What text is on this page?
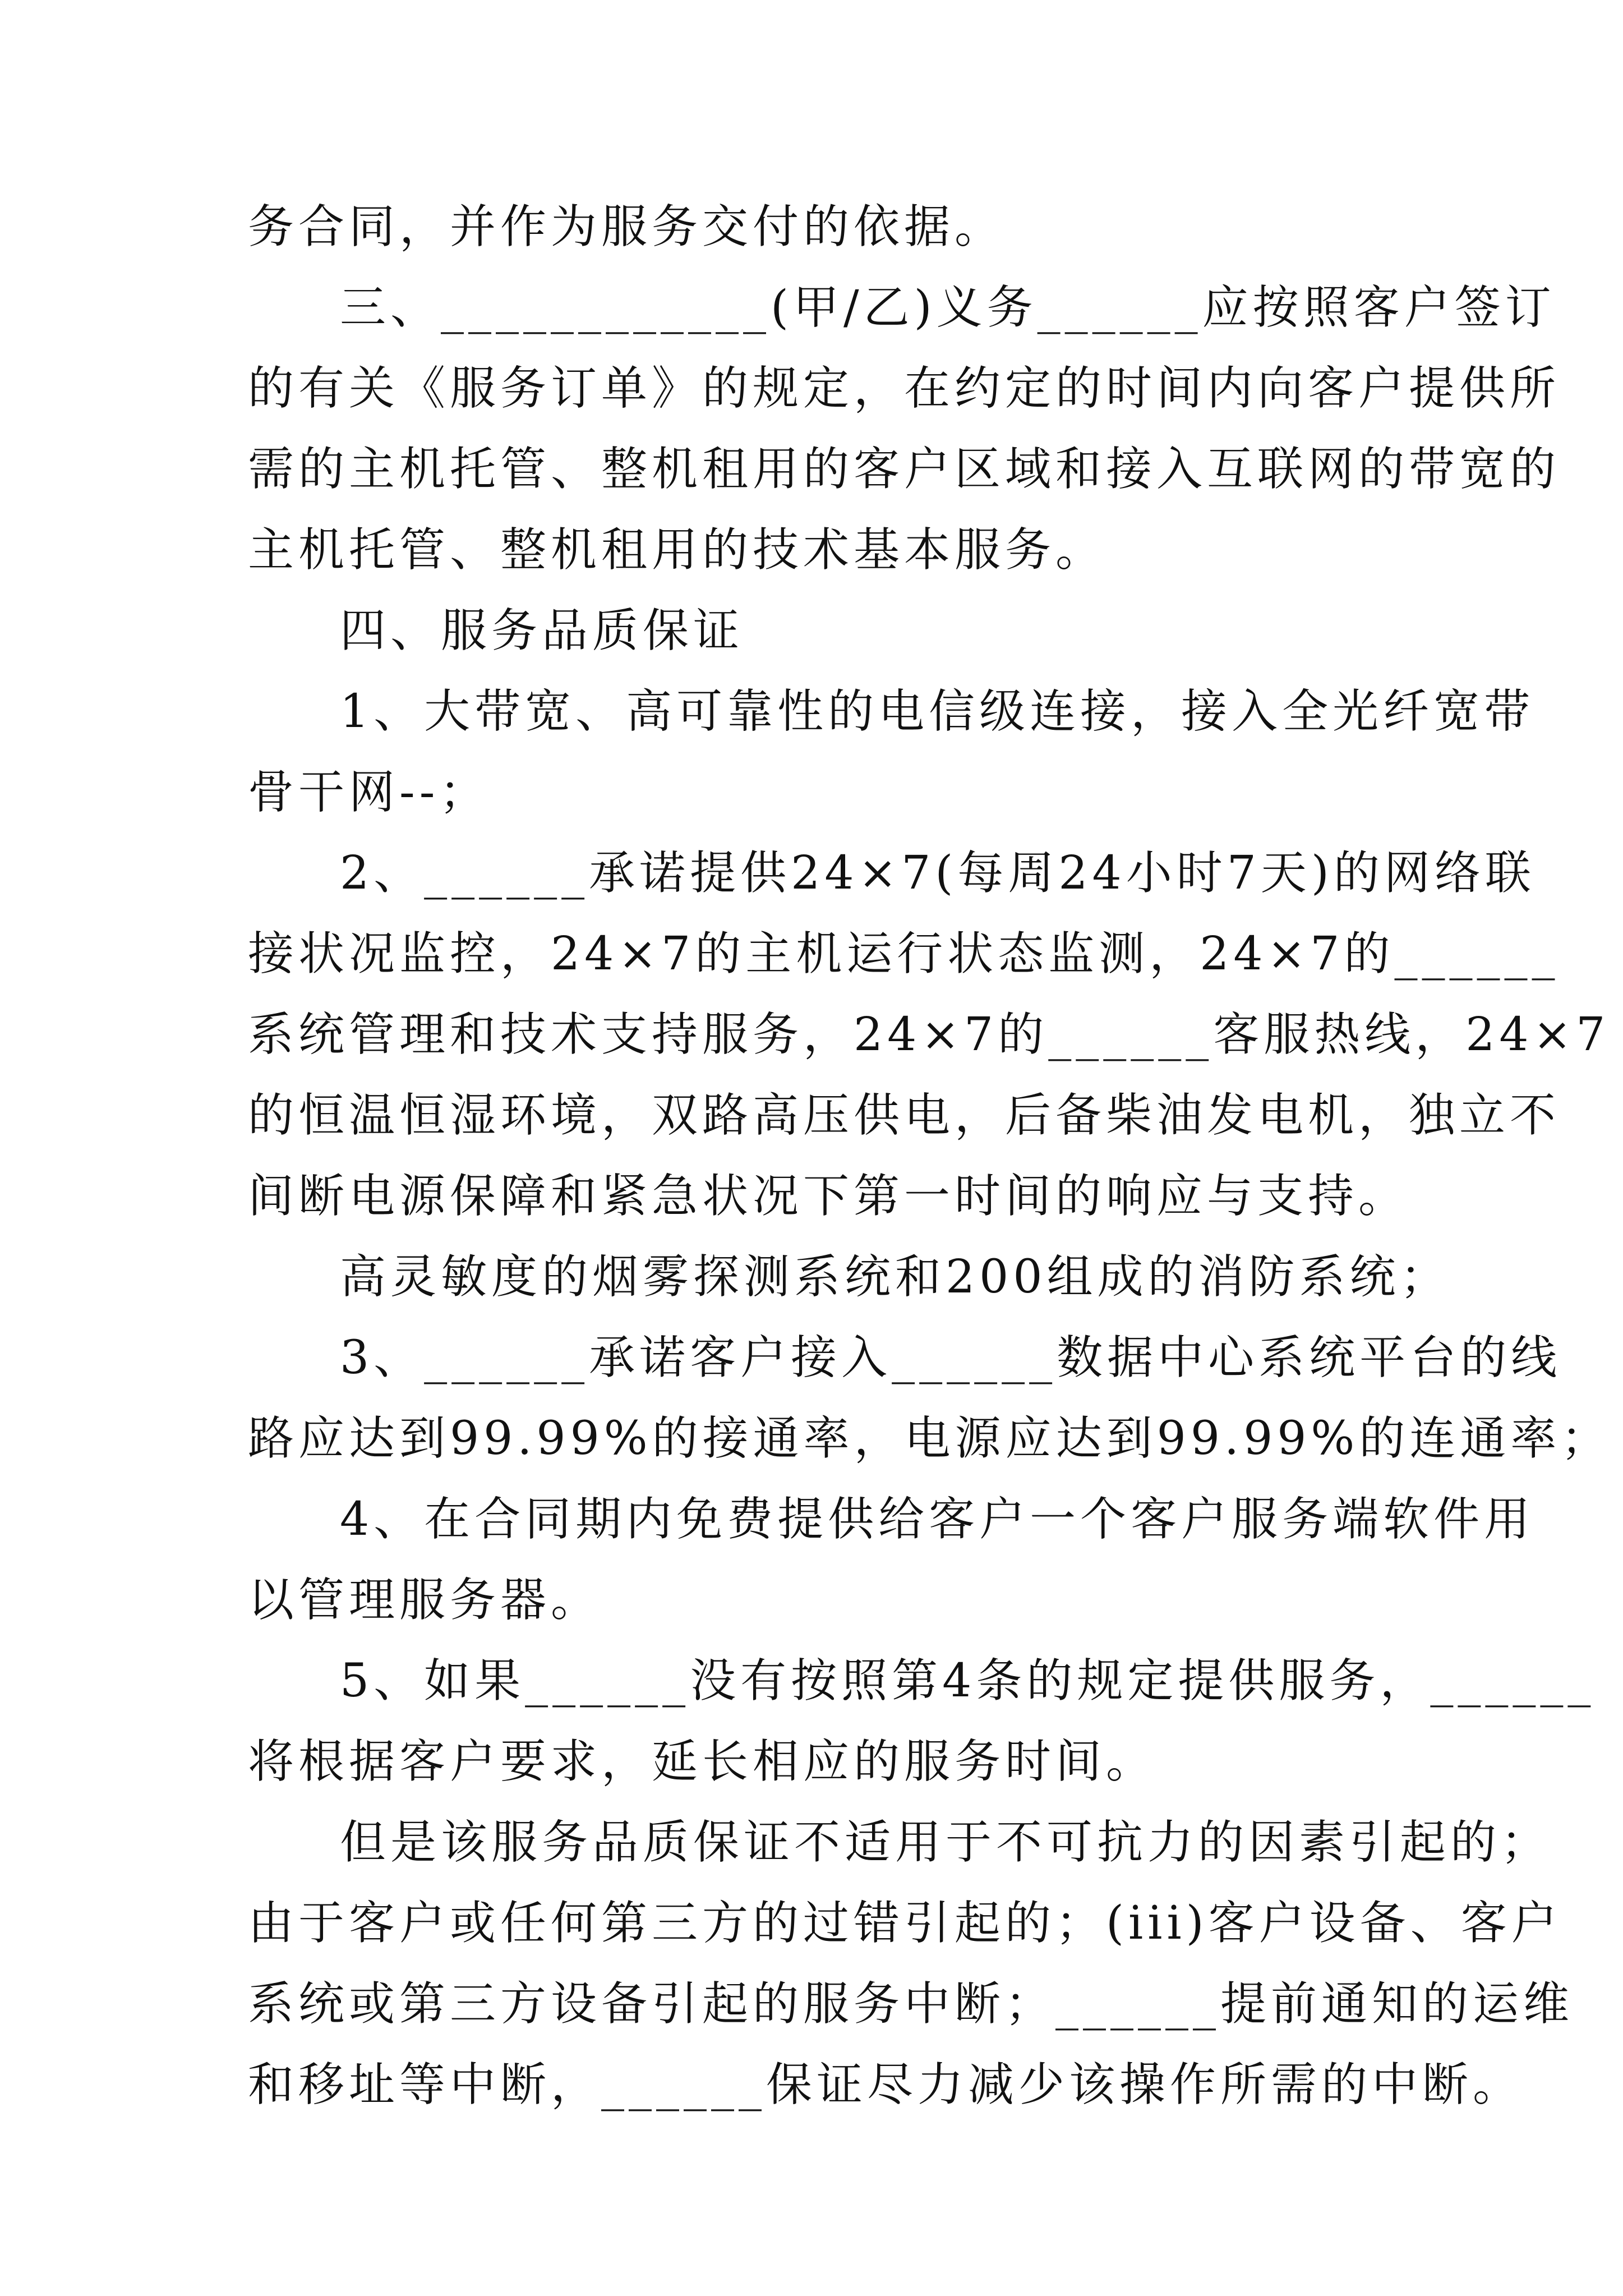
务合同，并作为服务交付的依据。
三、____________(甲/乙)义务______应按照客户签订
的有关《服务订单》的规定，在约定的时间内向客户提供所
需的主机托管、整机租用的客户区域和接入互联网的带宽的
主机托管、整机租用的技术基本服务。
四、服务品质保证
1、大带宽、高可靠性的电信级连接，接入全光纤宽带
骨干网--；
2、______承诺提供24×7(每周24小时7天)的网络联
接状况监控，24×7的主机运行状态监测，24×7的______
系统管理和技术支持服务，24×7的______客服热线，24×7
的恒温恒湿环境，双路高压供电，后备柴油发电机，独立不
间断电源保障和紧急状况下第一时间的响应与支持。
高灵敏度的烟雾探测系统和200组成的消防系统；
3、______承诺客户接入______数据中心系统平台的线
路应达到99.99%的接通率，电源应达到99.99%的连通率；
4、在合同期内免费提供给客户一个客户服务端软件用
以管理服务器。
5、如果______没有按照第4条的规定提供服务，______
将根据客户要求，延长相应的服务时间。
但是该服务品质保证不适用于不可抗力的因素引起的；
由于客户或任何第三方的过错引起的；(iii)客户设备、客户
系统或第三方设备引起的服务中断；______提前通知的运维
和移址等中断，______保证尽力减少该操作所需的中断。
